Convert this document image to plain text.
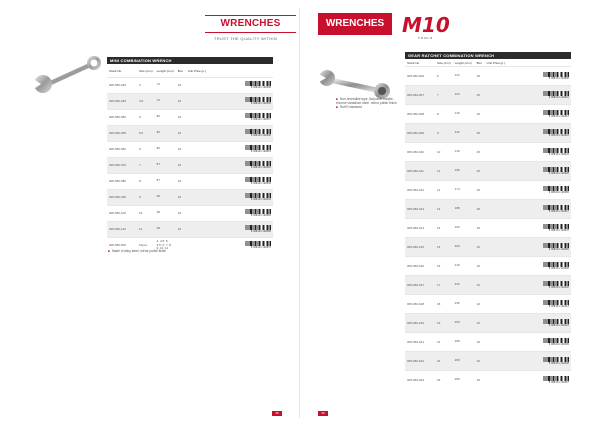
WRENCHES
TRUST THE QUALITY WITHIN
WRENCHES M10
TOOLS
MINI COMBINATION WRENCH
Stock No.	Size (mm)	Length (mm)	Box	Unit Price (p.)
005-050-040	4	72	10	8 968104 128438

005-050-045	4.5	72	10	8 968104 128506

005-050-050	5	82	10	8 968104 128507

005-050-055	5.5	82	10	8 968104 128608

005-050-060	6	82	10	8 968104 128619

005-050-070	7	87	10	8 968104 128620

005-050-080	8	87	10	8 968104 128632

005-050-090	9	95	10	8 968104 128644

005-050-100	10	95	10	8 968104 128656

005-050-110	11	99	10	8 968104 128668

005-050-000	10pcs	4, 4.5, 5, 5.5, 6, 7, 8, 9, 10, 11		8 968104 128670
■ Made of alloy steel, mirror polish finish
■ Non-reversible type, flat panel handle, chrome vanadium steel, mirror polish finish
■ RoHS standard
GEAR RATCHET COMBINATION WRENCH
Stock No.	Size (mm)	Length (mm)	Box	Unit Price (p.)
005-050-006	6	110	25	8 968104 129890

005-050-007	7	110	25	8 968104 129901

005-050-008	8	130	25	8 968104 129912

005-050-009	9	142	25	8 968104 129923

005-050-010	10	149	25	8 968104 129934

005-050-011	11	158	25	8 968104 129945

005-050-012	12	174	25	8 968104 129956

005-050-013	13	188	25	8 968104 129967

005-050-014	14	193	10	8 968104 129978

005-050-015	15	200	10	8 968104 129989

005-050-016	16	210	10	8 968104 129990

005-050-017	17	222	10	8 968104 130002

005-050-018	18	235	10	8 968104 130013

005-050-019	19	250	10	8 968104 130024

005-050-021	21	268	10	8 968104 130035

005-050-022	22	283	10	8 968104 130046

005-050-023	23	295	10	8 968104 130057
38	39
